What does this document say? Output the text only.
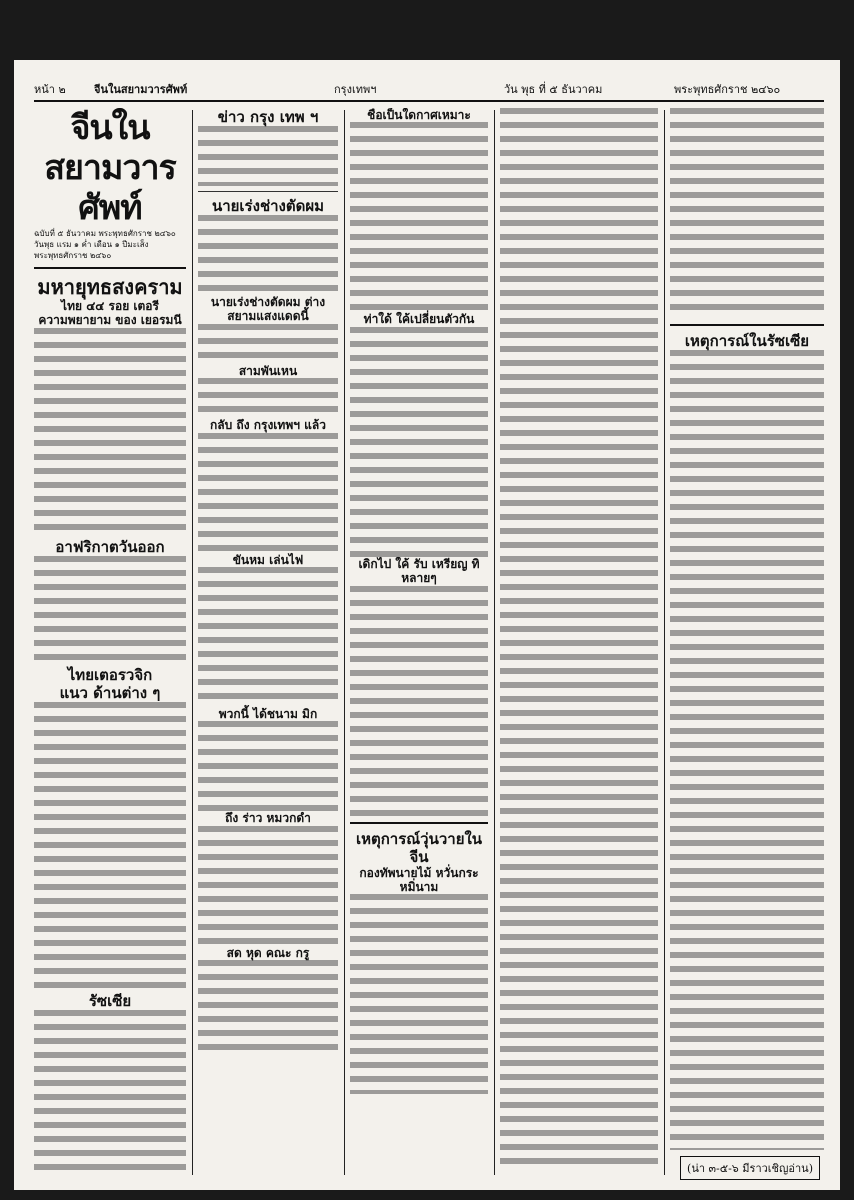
หน้า ๒	จีนในสยามวารศัพท์	กรุงเทพฯ	วัน พุธ ที่ ๕ ธันวาคม	พระพุทธศักราช ๒๔๖๐
จีนในสยามวารศัพท์
ฉบับที่ ๕ ธันวาคม พระพุทธศักราช ๒๔๖๐
วันพุธ แรม ๑ ค่ำ เดือน ๑ ปีมะเส็ง
พระพุทธศักราช ๒๔๖๐
มหายุทธสงคราม
ไทย ๔๔ รอย เตอรี
ความพยายาม ของ เยอรมนี
อาฟริกาตวันออก
ไทยเตอรวจิก
แนว ด้านต่าง ๆ
รัซเซีย
ข่าว กรุง เทพ ฯ
นายเร่งช่างตัดผม
นายเร่งช่างตัดผม ต่างสยามแสงแดดนี้
สามพันเหน
กลับ ถึง กรุงเทพฯ แล้ว
ขันหม เล่นไฟ
พวกนี้ ได้ชนาม มิก
ถึง ร่าว หมวกดำ
สด หุด คณะ กรู
ชื่อเป็นใดกาศเหมาะ
ท่าใด้ ใค้เปลี่ยนตัวกัน
เดิกไป ใค้ รับ เหรียญ ทิ หลายๆ
เหตุการณ์วุ่นวายในจีน
กองทัพนายไม้ หวั่นกระหมิ่นาม
เหตุการณ์ในรัซเซีย
(น่า ๓-๕-๖ มีราวเชิญอ่าน)
